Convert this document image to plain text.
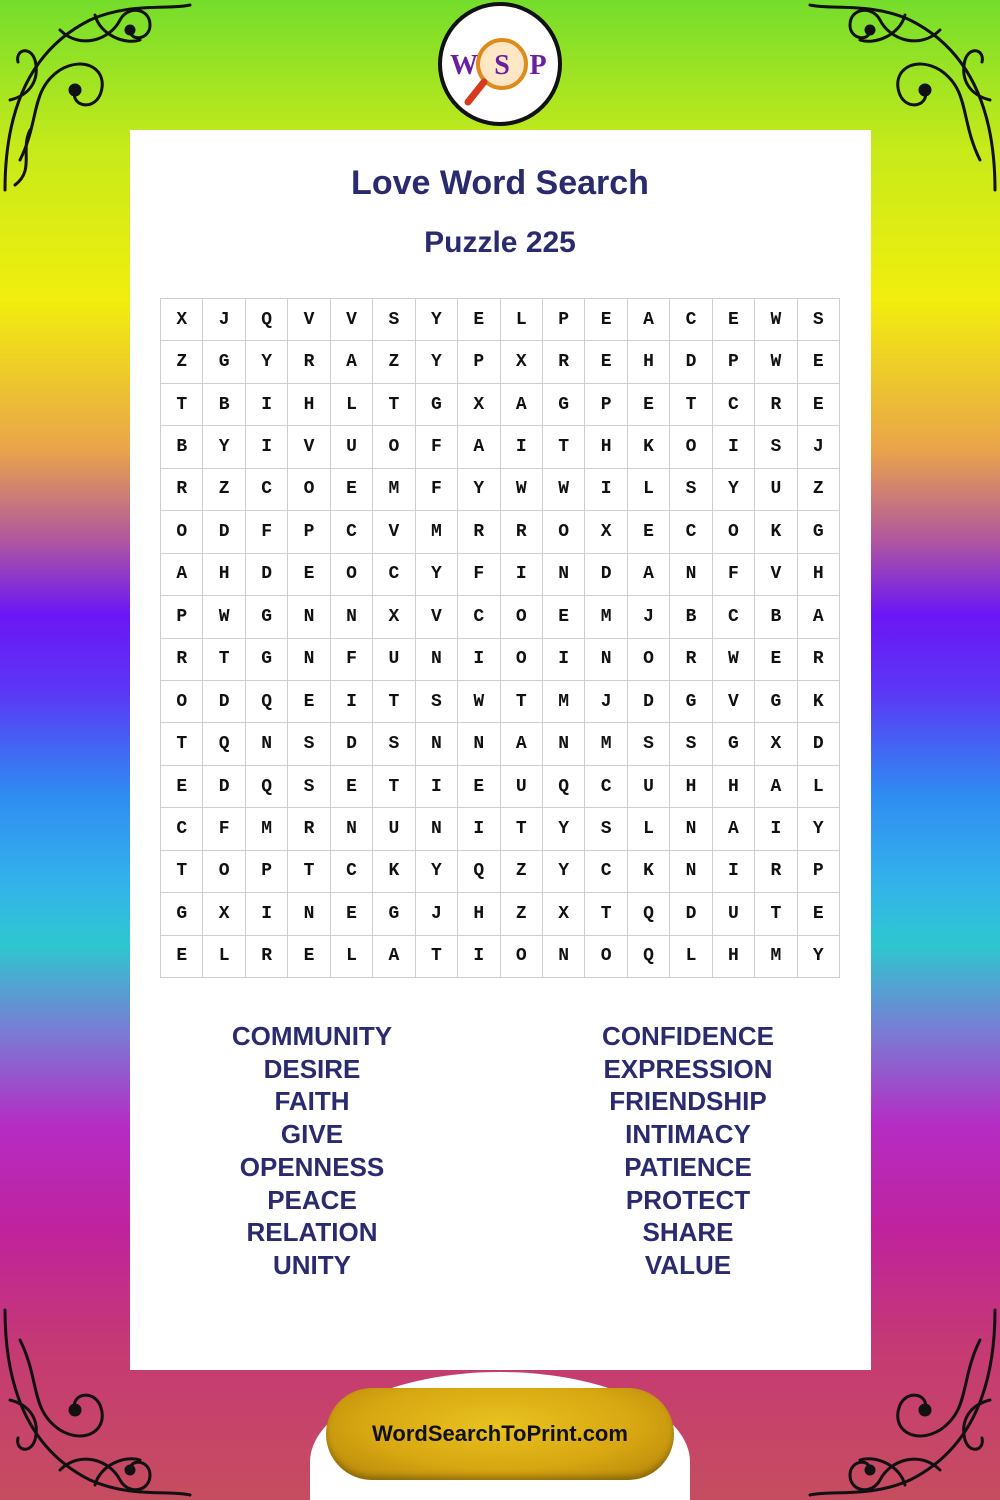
W S P
Love Word Search
Puzzle 225
X	J	Q	V	V	S	Y	E	L	P	E	A	C	E	W	S
Z	G	Y	R	A	Z	Y	P	X	R	E	H	D	P	W	E
T	B	I	H	L	T	G	X	A	G	P	E	T	C	R	E
B	Y	I	V	U	O	F	A	I	T	H	K	O	I	S	J
R	Z	C	O	E	M	F	Y	W	W	I	L	S	Y	U	Z
O	D	F	P	C	V	M	R	R	O	X	E	C	O	K	G
A	H	D	E	O	C	Y	F	I	N	D	A	N	F	V	H
P	W	G	N	N	X	V	C	O	E	M	J	B	C	B	A
R	T	G	N	F	U	N	I	O	I	N	O	R	W	E	R
O	D	Q	E	I	T	S	W	T	M	J	D	G	V	G	K
T	Q	N	S	D	S	N	N	A	N	M	S	S	G	X	D
E	D	Q	S	E	T	I	E	U	Q	C	U	H	H	A	L
C	F	M	R	N	U	N	I	T	Y	S	L	N	A	I	Y
T	O	P	T	C	K	Y	Q	Z	Y	C	K	N	I	R	P
G	X	I	N	E	G	J	H	Z	X	T	Q	D	U	T	E
E	L	R	E	L	A	T	I	O	N	O	Q	L	H	M	Y
COMMUNITY
DESIRE
FAITH
GIVE
OPENNESS
PEACE
RELATION
UNITY
CONFIDENCE
EXPRESSION
FRIENDSHIP
INTIMACY
PATIENCE
PROTECT
SHARE
VALUE
WordSearchToPrint.com
